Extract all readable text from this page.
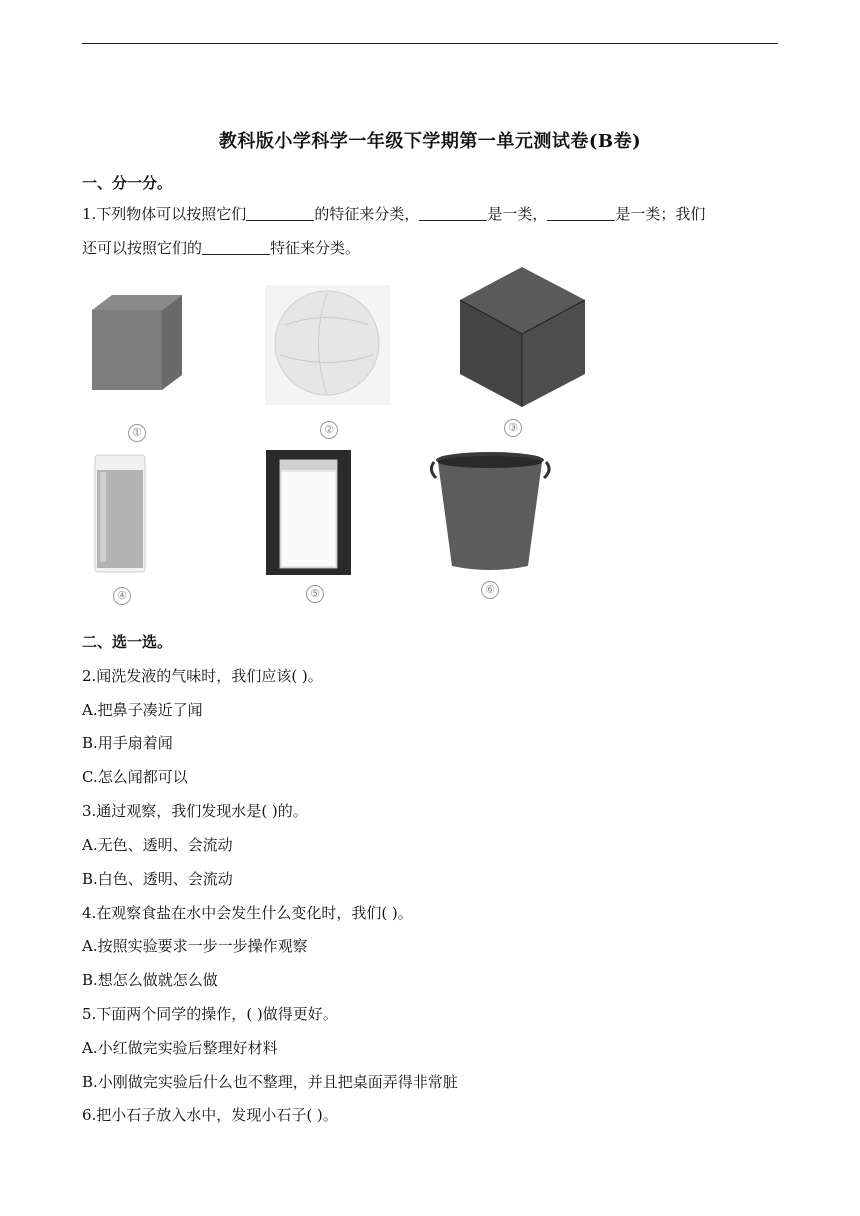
教科版小学科学一年级下学期第一单元测试卷(B卷)
一、分一分。
1.下列物体可以按照它们	的特征来分类，	是一类，	是一类；我们
还可以按照它们的	特征来分类。
①	②	③
④	⑤	⑥
二、选一选。
2.闻洗发液的气味时，我们应该( )。
A.把鼻子凑近了闻
B.用手扇着闻
C.怎么闻都可以
3.通过观察，我们发现水是( )的。
A.无色、透明、会流动
B.白色、透明、会流动
4.在观察食盐在水中会发生什么变化时，我们( )。
A.按照实验要求一步一步操作观察
B.想怎么做就怎么做
5.下面两个同学的操作，( )做得更好。
A.小红做完实验后整理好材料
B.小刚做完实验后什么也不整理，并且把桌面弄得非常脏
6.把小石子放入水中，发现小石子( )。
